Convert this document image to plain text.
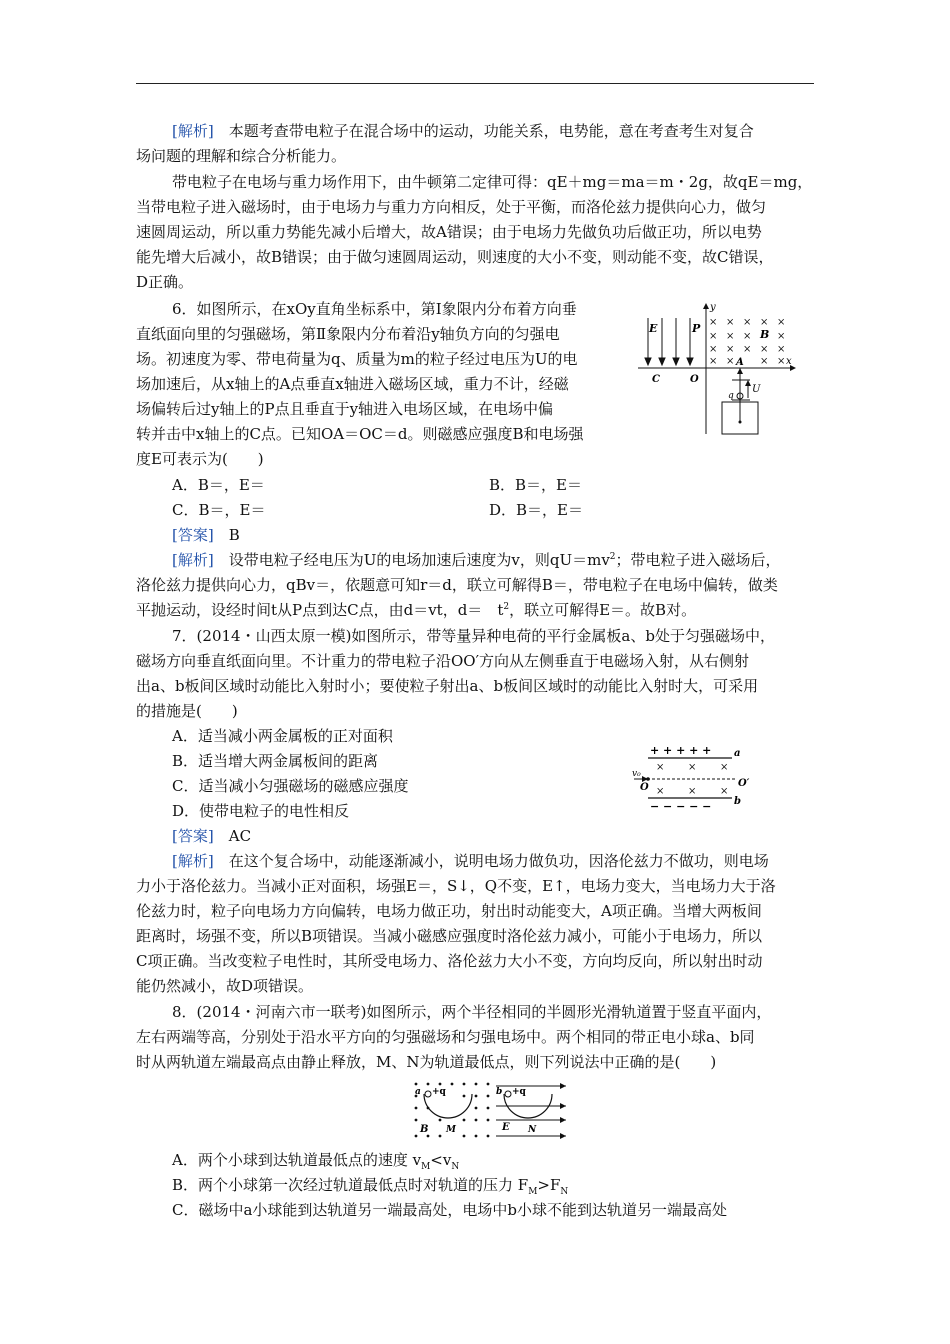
[解析]　 本题考查带电粒子在混合场中的运动，功能关系，电势能，意在考查考生对复合
场问题的理解和综合分析能力。
带电粒子在电场与重力场作用下，由牛顿第二定律可得：qE＋mg＝ma＝m・2g，故qE＝mg，
当带电粒子进入磁场时，由于电场力与重力方向相反，处于平衡，而洛伦兹力提供向心力，做匀
速圆周运动，所以重力势能先减小后增大，故A错误；由于电场力先做负功后做正功，所以电势
能先增大后减小，故B错误；由于做匀速圆周运动，则速度的大小不变，则动能不变，故C错误，
D正确。
6．如图所示，在xOy直角坐标系中，第Ⅰ象限内分布着方向垂
直纸面向里的匀强磁场，第Ⅱ象限内分布着沿y轴负方向的匀强电
场。初速度为零、带电荷量为q、质量为m的粒子经过电压为U的电
场加速后，从x轴上的A点垂直x轴进入磁场区域，重力不计，经磁
场偏转后过y轴上的P点且垂直于y轴进入电场区域，在电场中偏
转并击中x轴上的C点。已知OA＝OC＝d。则磁感应强度B和电场强
度E可表示为(　　)
y
x
E	P × × × × ×
× × ×	×
× × × × ×
× ×	× ×
B
A
C	O
U
q
A．B＝，E＝	B．B＝，E＝
C．B＝，E＝	D．B＝，E＝
[答案]　 B
[解析]　 设带电粒子经电压为U的电场加速后速度为v，则$qU=mv^2$；带电粒子进入磁场后，
洛伦兹力提供向心力，qBv＝，依题意可知r＝d，联立可解得B＝，带电粒子在电场中偏转，做类
平抛运动，设经时间t从P点到达C点，由d＝vt，d＝　 $t^2$，联立可解得E＝。故B对。
7．(2014・山西太原一模)如图所示，带等量异种电荷的平行金属板a、b处于匀强磁场中，
磁场方向垂直纸面向里。不计重力的带电粒子沿OO′方向从左侧垂直于电磁场入射，从右侧射
出a、b板间区域时动能比入射时小；要使粒子射出a、b板间区域时的动能比入射时大，可采用
的措施是(　　)
A．适当减小两金属板的正对面积
B．适当增大两金属板间的距离
C．适当减小匀强磁场的磁感应强度
D．使带电粒子的电性相反
+ + + + + a
× × ×
× × ×
v₀
O	O′
− − − − − b
[答案]　 AC
[解析]　 在这个复合场中，动能逐渐减小，说明电场力做负功，因洛伦兹力不做功，则电场
力小于洛伦兹力。当减小正对面积，场强E＝，S↓，Q不变，E↑，电场力变大，当电场力大于洛
伦兹力时，粒子向电场力方向偏转，电场力做正功，射出时动能变大，A项正确。当增大两板间
距离时，场强不变，所以B项错误。当减小磁感应强度时洛伦兹力减小，可能小于电场力，所以
C项正确。当改变粒子电性时，其所受电场力、洛伦兹力大小不变，方向均反向，所以射出时动
能仍然减小，故D项错误。
8．(2014・河南六市一联考)如图所示，两个半径相同的半圆形光滑轨道置于竖直平面内，
左右两端等高，分别处于沿水平方向的匀强磁场和匀强电场中。两个相同的带正电小球a、b同
时从两轨道左端最高点由静止释放，M、N为轨道最低点，则下列说法中正确的是(　　)
a +q
B M
b +q
E N
A．两个小球到达轨道最低点的速度 $v_M<v_N$
B．两个小球第一次经过轨道最低点时对轨道的压力 $F_M>F_N$
C．磁场中a小球能到达轨道另一端最高处，电场中b小球不能到达轨道另一端最高处
